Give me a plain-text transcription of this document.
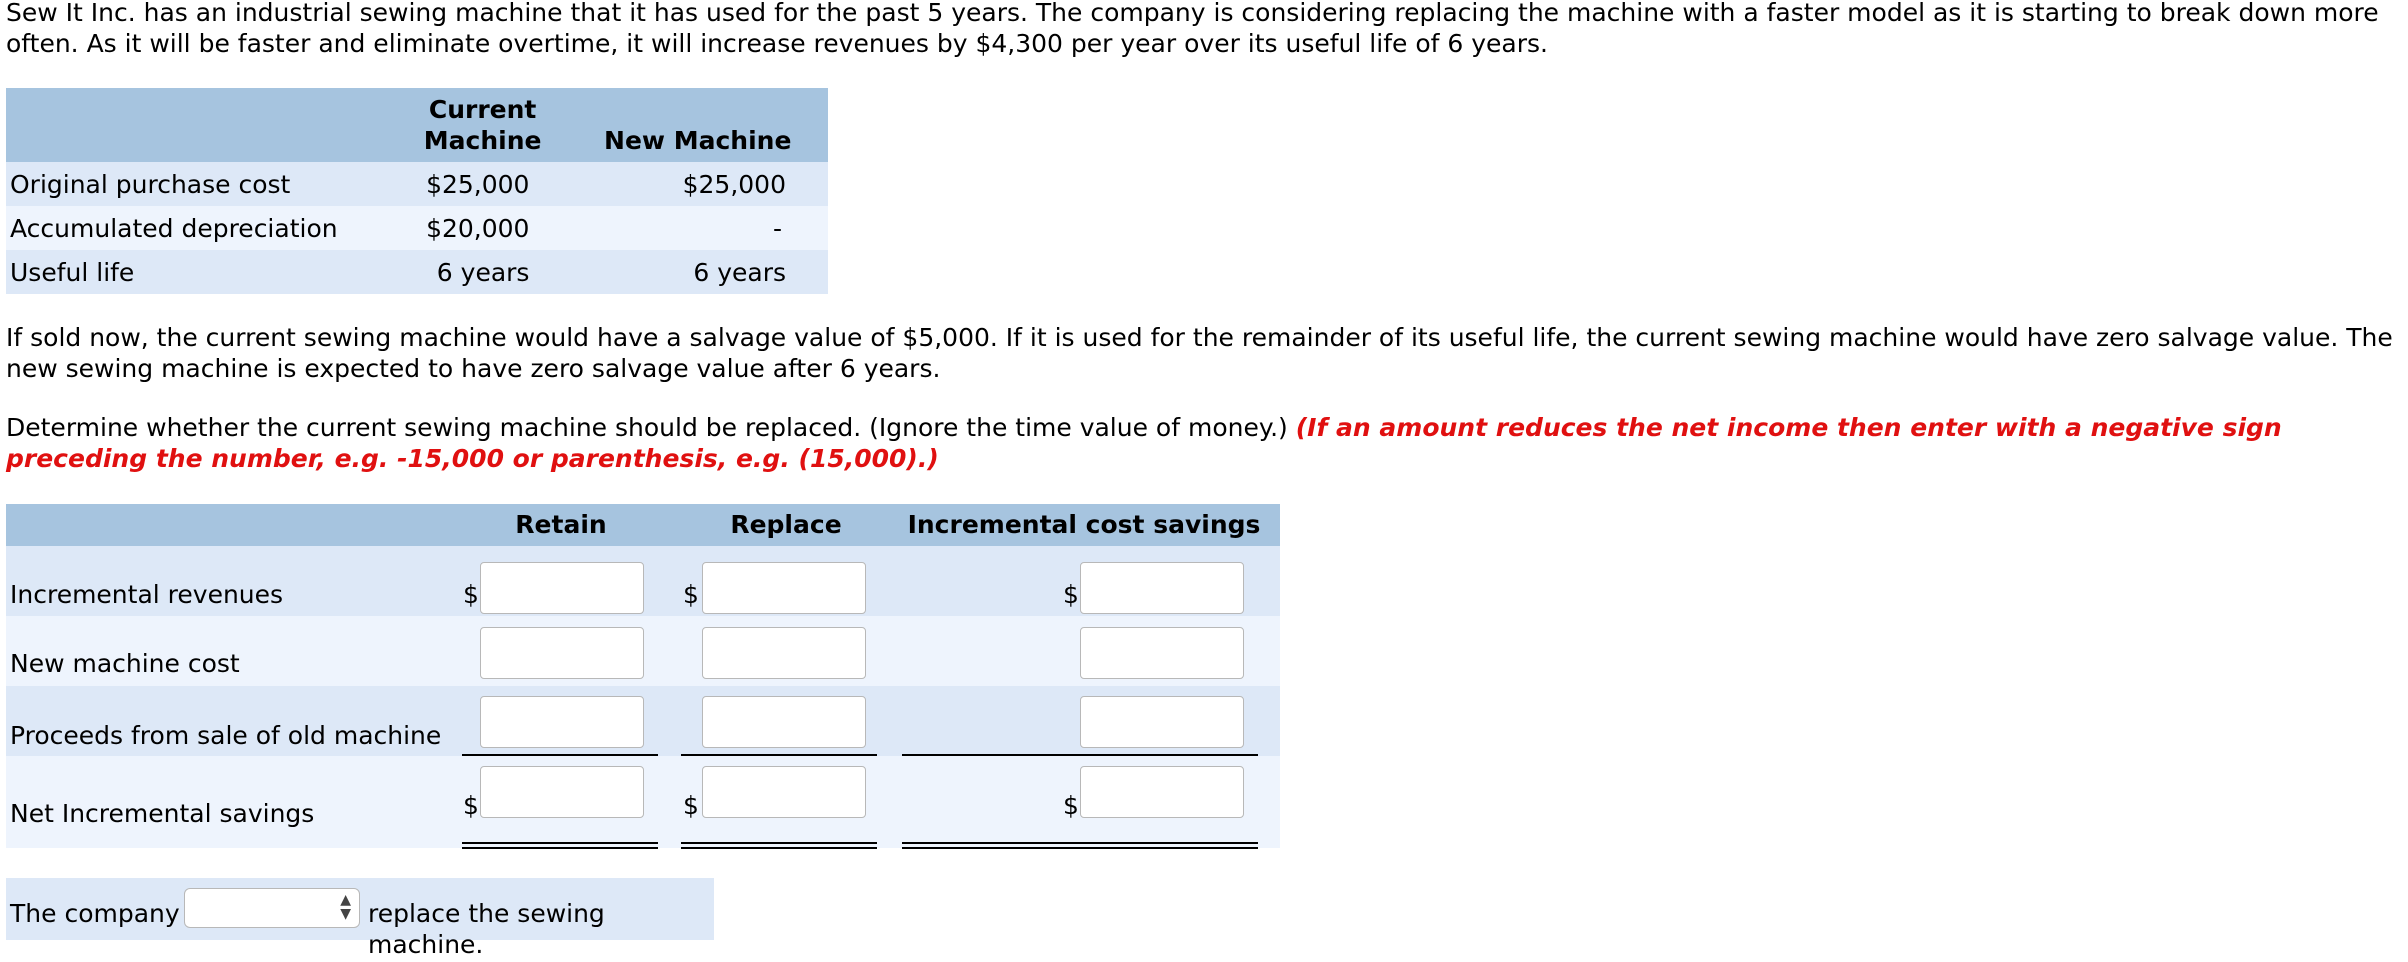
Sew It Inc. has an industrial sewing machine that it has used for the past 5 years. The company is considering replacing the machine with a faster model as it is starting to break down more often. As it will be faster and eliminate overtime, it will increase revenues by $4,300 per year over its useful life of 6 years.

	Current
Machine	New Machine
Original purchase cost	$25,000	$25,000
Accumulated depreciation	$20,000	-
Useful life	6 years	6 years

If sold now, the current sewing machine would have a salvage value of $5,000. If it is used for the remainder of its useful life, the current sewing machine would have zero salvage value. The new sewing machine is expected to have zero salvage value after 6 years.

Determine whether the current sewing machine should be replaced. (Ignore the time value of money.) (If an amount reduces the net income then enter with a negative sign preceding the number, e.g. -15,000 or parenthesis, e.g. (15,000).)

Retain	Replace	Incremental cost savings
Incremental revenues	$	$	$
New machine cost
Proceeds from sale of old machine
Net Incremental savings	$	$	$
The company	▲
▼ replace the sewing machine.
